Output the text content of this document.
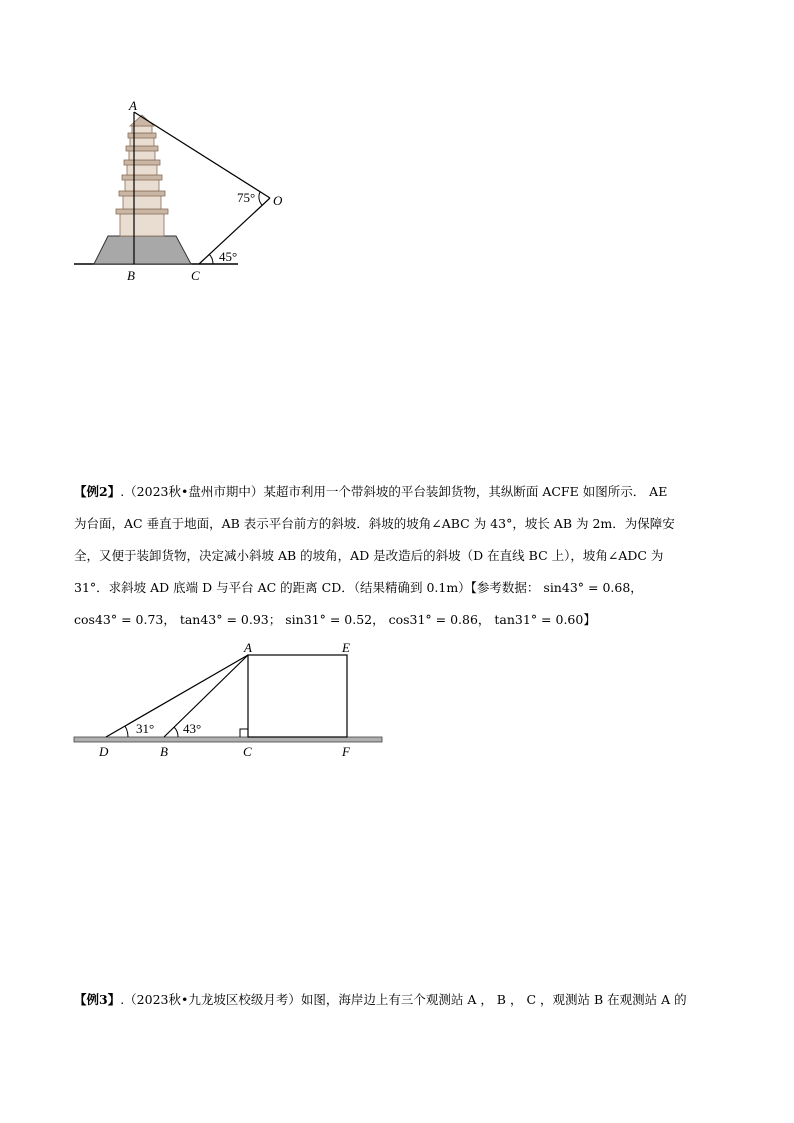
A
B	C
O
75°
45°
【例2】.（2023秋•盘州市期中）某超市利用一个带斜坡的平台装卸货物，其纵断面 ACFE 如图所示． AE
为台面，AC 垂直于地面，AB 表示平台前方的斜坡．斜坡的坡角∠ABC 为 43°，坡长 AB 为 2m．为保障安
全，又便于装卸货物，决定减小斜坡 AB 的坡角，AD 是改造后的斜坡（D 在直线 BC 上），坡角∠ADC 为
31°．求斜坡 AD 底端 D 与平台 AC 的距离 CD．（结果精确到 0.1m）【参考数据： sin43° = 0.68，
cos43° = 0.73， tan43° = 0.93； sin31° = 0.52， cos31° = 0.86， tan31° = 0.60】
A	E
D	B	C	F
31° 43°
【例3】.（2023秋•九龙坡区校级月考）如图，海岸边上有三个观测站 A ， B ， C ，观测站 B 在观测站 A 的
